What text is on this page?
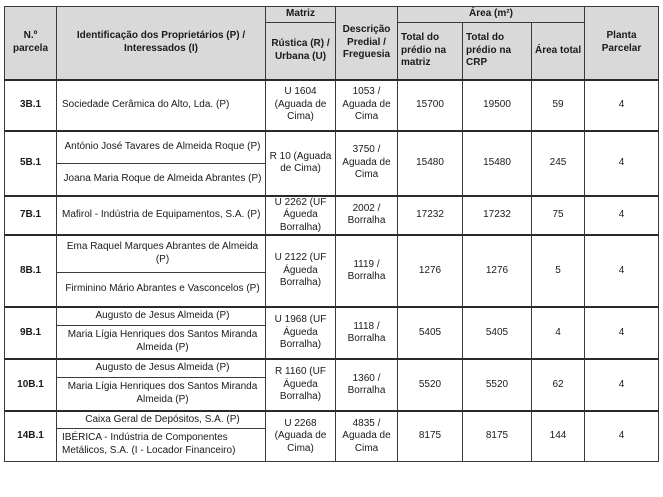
N.º parcela	Identificação dos Proprietários (P) / Interessados (I)	Matriz	Descrição Predial / Freguesia	Área (m²)			Planta Parcelar
		Rústica (R) / Urbana (U)		Total do prédio na matriz	Total do prédio na CRP	Área total	
3B.1	Sociedade Cerâmica do Alto, Lda. (P)	U 1604 (Aguada de Cima)	1053 / Aguada de Cima	15700	19500	59	4
5B.1	António José Tavares de Almeida Roque (P)	R 10 (Aguada de Cima)	3750 / Aguada de Cima	15480	15480	245	4
	Joana Maria Roque de Almeida Abrantes (P)						
7B.1	Mafirol - Indústria de Equipamentos, S.A. (P)	U 2262 (UF Águeda Borralha)	2002 / Borralha	17232	17232	75	4
8B.1	Ema Raquel Marques Abrantes de Almeida (P)	U 2122 (UF Águeda Borralha)	1119 / Borralha	1276	1276	5	4
	Firminino Mário Abrantes e Vasconcelos (P)						
9B.1	Augusto de Jesus Almeida (P)	U 1968 (UF Águeda Borralha)	1118 / Borralha	5405	5405	4	4
	Maria Lígia Henriques dos Santos Miranda Almeida (P)						
10B.1	Augusto de Jesus Almeida (P)	R 1160 (UF Águeda Borralha)	1360 / Borralha	5520	5520	62	4
	Maria Lígia Henriques dos Santos Miranda Almeida (P)						
14B.1	Caixa Geral de Depósitos, S.A. (P)	U 2268 (Aguada de Cima)	4835 / Aguada de Cima	8175	8175	144	4
	IBÉRICA - Indústria de Componentes Metálicos, S.A. (I - Locador Financeiro)						
